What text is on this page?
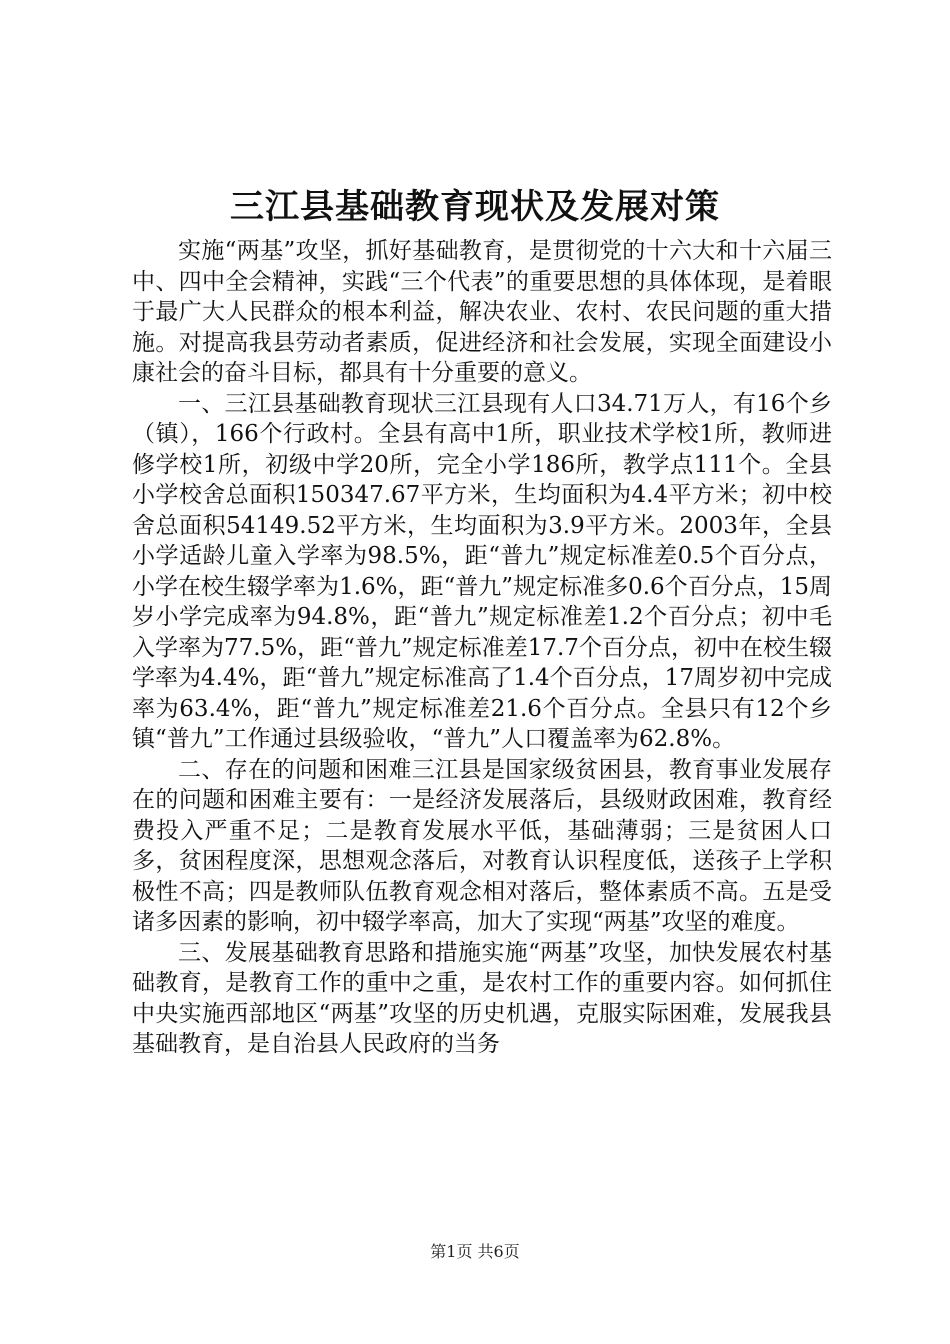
三江县基础教育现状及发展对策

实施“两基”攻坚，抓好基础教育，是贯彻党的十六大和十六届三中、四中全会精神，实践“三个代表”的重要思想的具体体现，是着眼于最广大人民群众的根本利益，解决农业、农村、农民问题的重大措施。对提高我县劳动者素质，促进经济和社会发展，实现全面建设小康社会的奋斗目标，都具有十分重要的意义。

一、三江县基础教育现状三江县现有人口34.71万人，有16个乡（镇），166个行政村。全县有高中1所，职业技术学校1所，教师进修学校1所，初级中学20所，完全小学186所，教学点111个。全县小学校舍总面积150347.67平方米，生均面积为4.4平方米；初中校舍总面积54149.52平方米，生均面积为3.9平方米。2003年，全县小学适龄儿童入学率为98.5%，距“普九”规定标准差0.5个百分点，小学在校生辍学率为1.6%，距“普九”规定标准多0.6个百分点，15周岁小学完成率为94.8%，距“普九”规定标准差1.2个百分点；初中毛入学率为77.5%，距“普九”规定标准差17.7个百分点，初中在校生辍学率为4.4%，距“普九”规定标准高了1.4个百分点，17周岁初中完成率为63.4%，距“普九”规定标准差21.6个百分点。全县只有12个乡镇“普九”工作通过县级验收，“普九”人口覆盖率为62.8%。

二、存在的问题和困难三江县是国家级贫困县，教育事业发展存在的问题和困难主要有：一是经济发展落后，县级财政困难，教育经费投入严重不足；二是教育发展水平低，基础薄弱；三是贫困人口多，贫困程度深，思想观念落后，对教育认识程度低，送孩子上学积极性不高；四是教师队伍教育观念相对落后，整体素质不高。五是受诸多因素的影响，初中辍学率高，加大了实现“两基”攻坚的难度。

三、发展基础教育思路和措施实施“两基”攻坚，加快发展农村基础教育，是教育工作的重中之重，是农村工作的重要内容。如何抓住中央实施西部地区“两基”攻坚的历史机遇，克服实际困难，发展我县基础教育，是自治县人民政府的当务

第1页 共6页
